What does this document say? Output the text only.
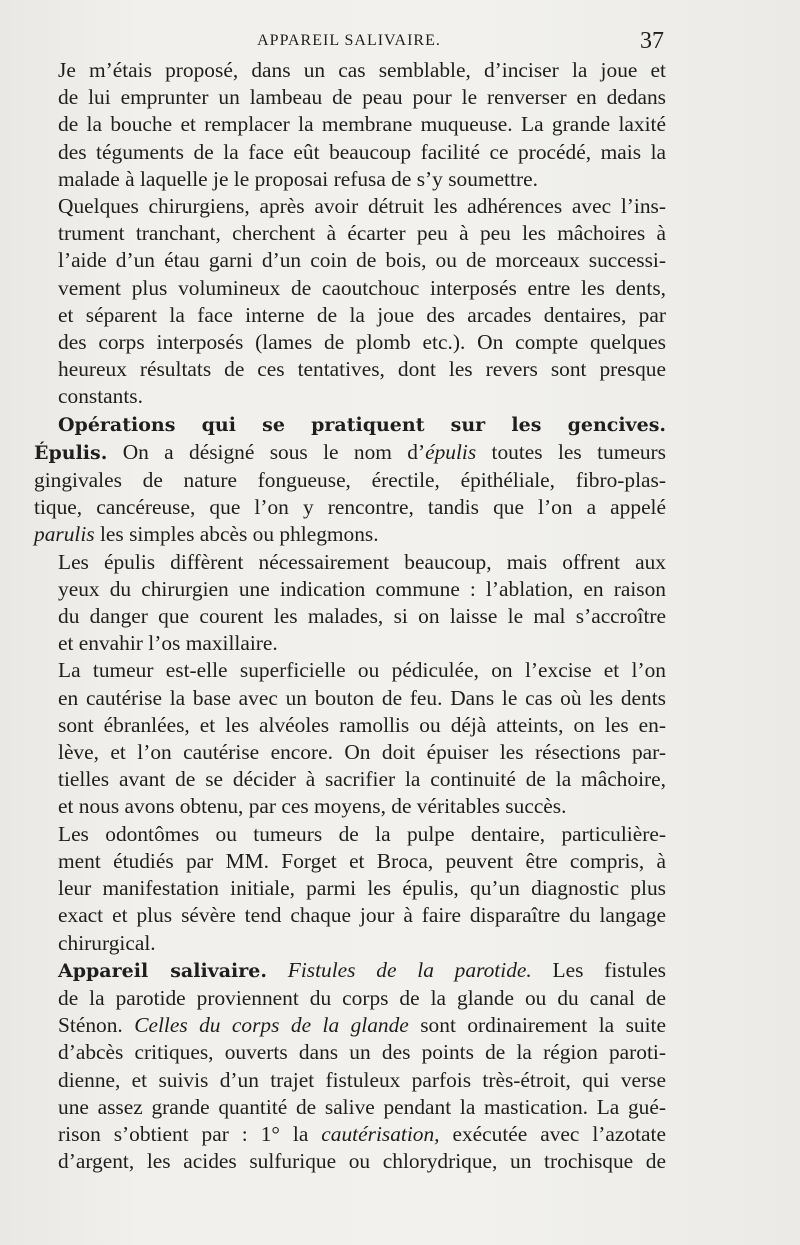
APPAREIL SALIVAIRE.	37

Je m’étais proposé, dans un cas semblable, d’inciser la joue et
de lui emprunter un lambeau de peau pour le renverser en dedans
de la bouche et remplacer la membrane muqueuse. La grande laxité
des téguments de la face eût beaucoup facilité ce procédé, mais la
malade à laquelle je le proposai refusa de s’y soumettre.

Quelques chirurgiens, après avoir détruit les adhérences avec l’ins-
trument tranchant, cherchent à écarter peu à peu les mâchoires à
l’aide d’un étau garni d’un coin de bois, ou de morceaux successi-
vement plus volumineux de caoutchouc interposés entre les dents,
et séparent la face interne de la joue des arcades dentaires, par
des corps interposés (lames de plomb etc.). On compte quelques
heureux résultats de ces tentatives, dont les revers sont presque
constants.

Opérations qui se pratiquent sur les gencives.

Épulis. On a désigné sous le nom d’épulis toutes les tumeurs
gingivales de nature fongueuse, érectile, épithéliale, fibro-plas-
tique, cancéreuse, que l’on y rencontre, tandis que l’on a appelé
parulis les simples abcès ou phlegmons.

Les épulis diffèrent nécessairement beaucoup, mais offrent aux
yeux du chirurgien une indication commune : l’ablation, en raison
du danger que courent les malades, si on laisse le mal s’accroître
et envahir l’os maxillaire.

La tumeur est-elle superficielle ou pédiculée, on l’excise et l’on
en cautérise la base avec un bouton de feu. Dans le cas où les dents
sont ébranlées, et les alvéoles ramollis ou déjà atteints, on les en-
lève, et l’on cautérise encore. On doit épuiser les résections par-
tielles avant de se décider à sacrifier la continuité de la mâchoire,
et nous avons obtenu, par ces moyens, de véritables succès.

Les odontômes ou tumeurs de la pulpe dentaire, particulière-
ment étudiés par MM. Forget et Broca, peuvent être compris, à
leur manifestation initiale, parmi les épulis, qu’un diagnostic plus
exact et plus sévère tend chaque jour à faire disparaître du langage
chirurgical.

Appareil salivaire. Fistules de la parotide. Les fistules
de la parotide proviennent du corps de la glande ou du canal de
Sténon. Celles du corps de la glande sont ordinairement la suite
d’abcès critiques, ouverts dans un des points de la région paroti-
dienne, et suivis d’un trajet fistuleux parfois très-étroit, qui verse
une assez grande quantité de salive pendant la mastication. La gué-
rison s’obtient par : 1° la cautérisation, exécutée avec l’azotate
d’argent, les acides sulfurique ou chlorydrique, un trochisque de
